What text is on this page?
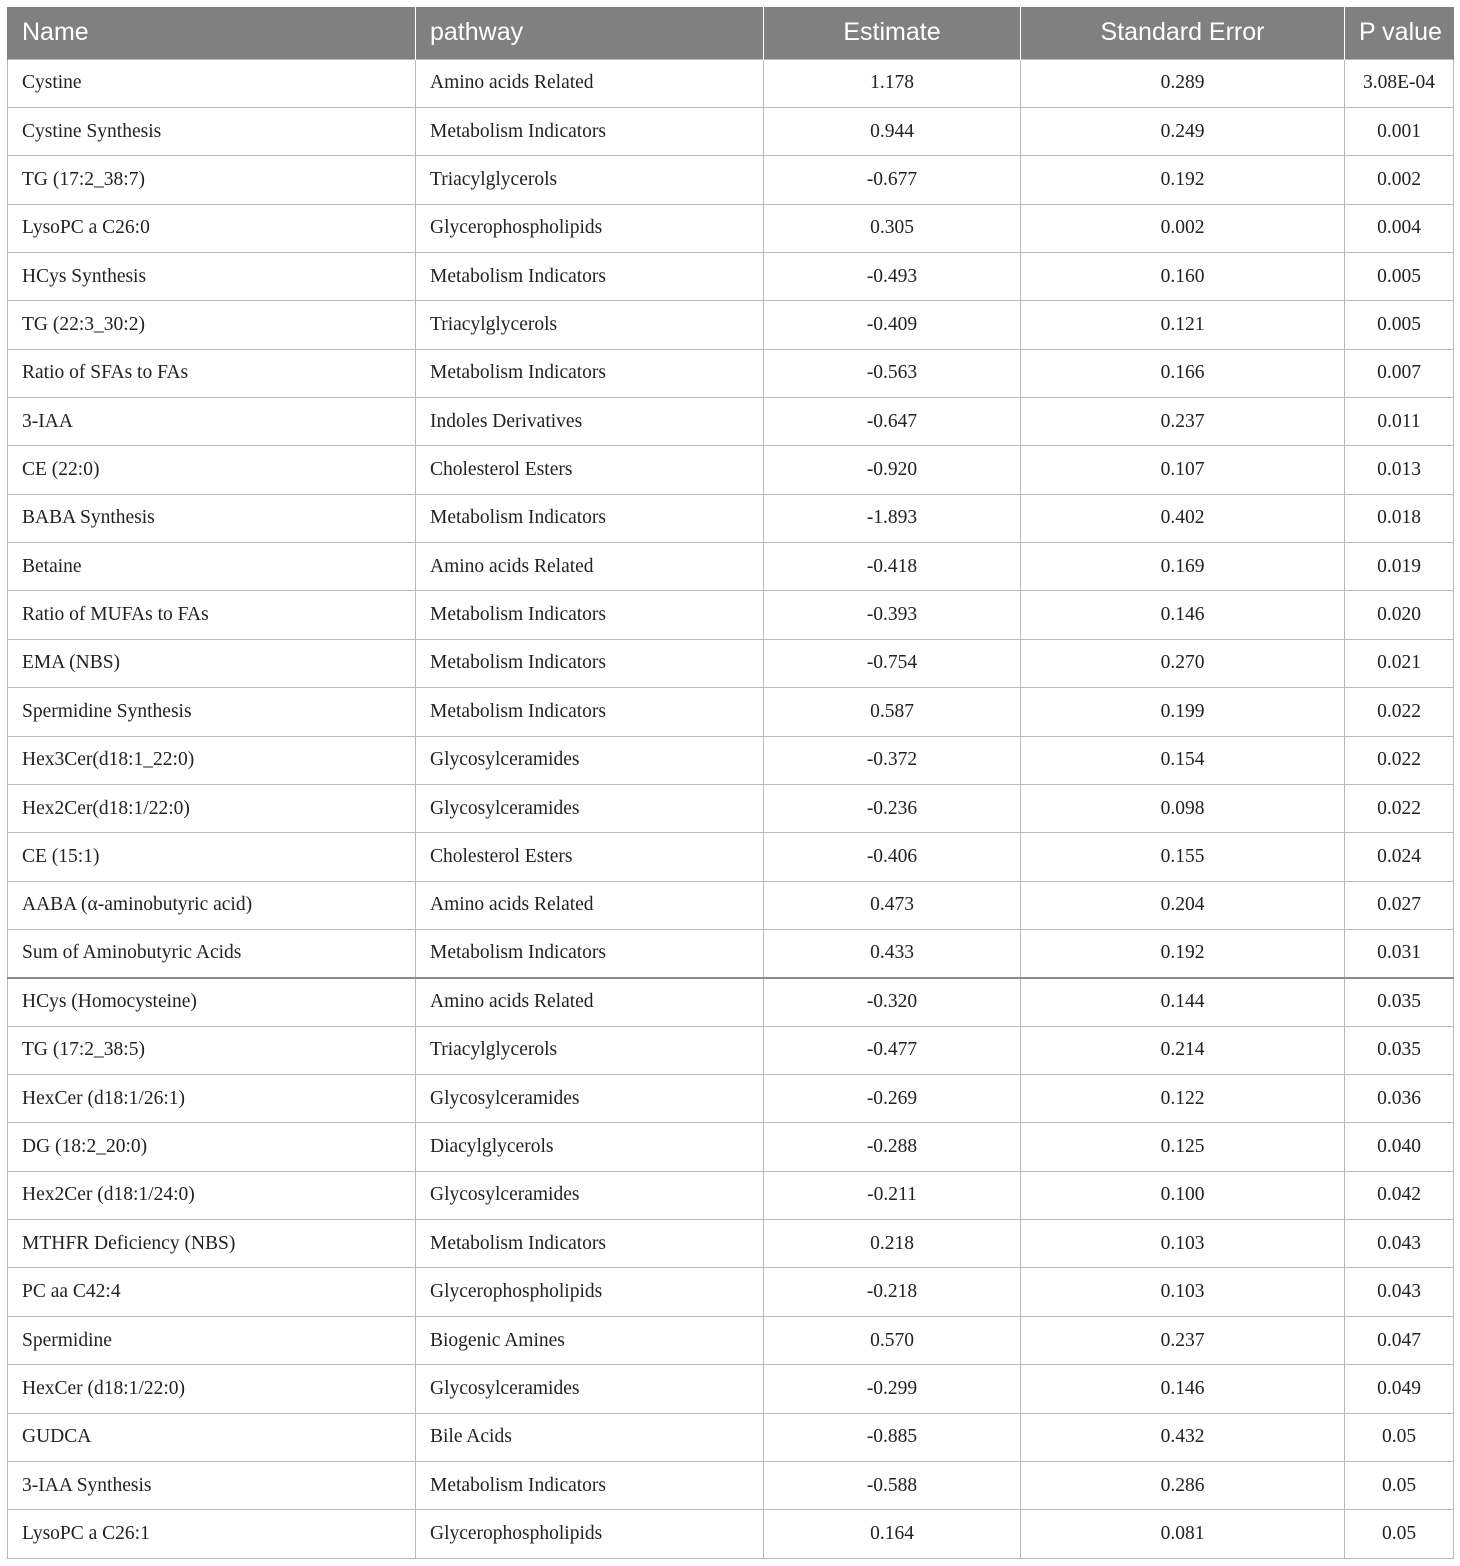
Name	pathway	Estimate	Standard Error	P value
Cystine	Amino acids Related	1.178	0.289	3.08E-04
Cystine Synthesis	Metabolism Indicators	0.944	0.249	0.001
TG (17:2_38:7)	Triacylglycerols	-0.677	0.192	0.002
LysoPC a C26:0	Glycerophospholipids	0.305	0.002	0.004
HCys Synthesis	Metabolism Indicators	-0.493	0.160	0.005
TG (22:3_30:2)	Triacylglycerols	-0.409	0.121	0.005
Ratio of SFAs to FAs	Metabolism Indicators	-0.563	0.166	0.007
3-IAA	Indoles Derivatives	-0.647	0.237	0.011
CE (22:0)	Cholesterol Esters	-0.920	0.107	0.013
BABA Synthesis	Metabolism Indicators	-1.893	0.402	0.018
Betaine	Amino acids Related	-0.418	0.169	0.019
Ratio of MUFAs to FAs	Metabolism Indicators	-0.393	0.146	0.020
EMA (NBS)	Metabolism Indicators	-0.754	0.270	0.021
Spermidine Synthesis	Metabolism Indicators	0.587	0.199	0.022
Hex3Cer(d18:1_22:0)	Glycosylceramides	-0.372	0.154	0.022
Hex2Cer(d18:1/22:0)	Glycosylceramides	-0.236	0.098	0.022
CE (15:1)	Cholesterol Esters	-0.406	0.155	0.024
AABA (α-aminobutyric acid)	Amino acids Related	0.473	0.204	0.027
Sum of Aminobutyric Acids	Metabolism Indicators	0.433	0.192	0.031
HCys (Homocysteine)	Amino acids Related	-0.320	0.144	0.035
TG (17:2_38:5)	Triacylglycerols	-0.477	0.214	0.035
HexCer (d18:1/26:1)	Glycosylceramides	-0.269	0.122	0.036
DG (18:2_20:0)	Diacylglycerols	-0.288	0.125	0.040
Hex2Cer (d18:1/24:0)	Glycosylceramides	-0.211	0.100	0.042
MTHFR Deficiency (NBS)	Metabolism Indicators	0.218	0.103	0.043
PC aa C42:4	Glycerophospholipids	-0.218	0.103	0.043
Spermidine	Biogenic Amines	0.570	0.237	0.047
HexCer (d18:1/22:0)	Glycosylceramides	-0.299	0.146	0.049
GUDCA	Bile Acids	-0.885	0.432	0.05
3-IAA Synthesis	Metabolism Indicators	-0.588	0.286	0.05
LysoPC a C26:1	Glycerophospholipids	0.164	0.081	0.05
